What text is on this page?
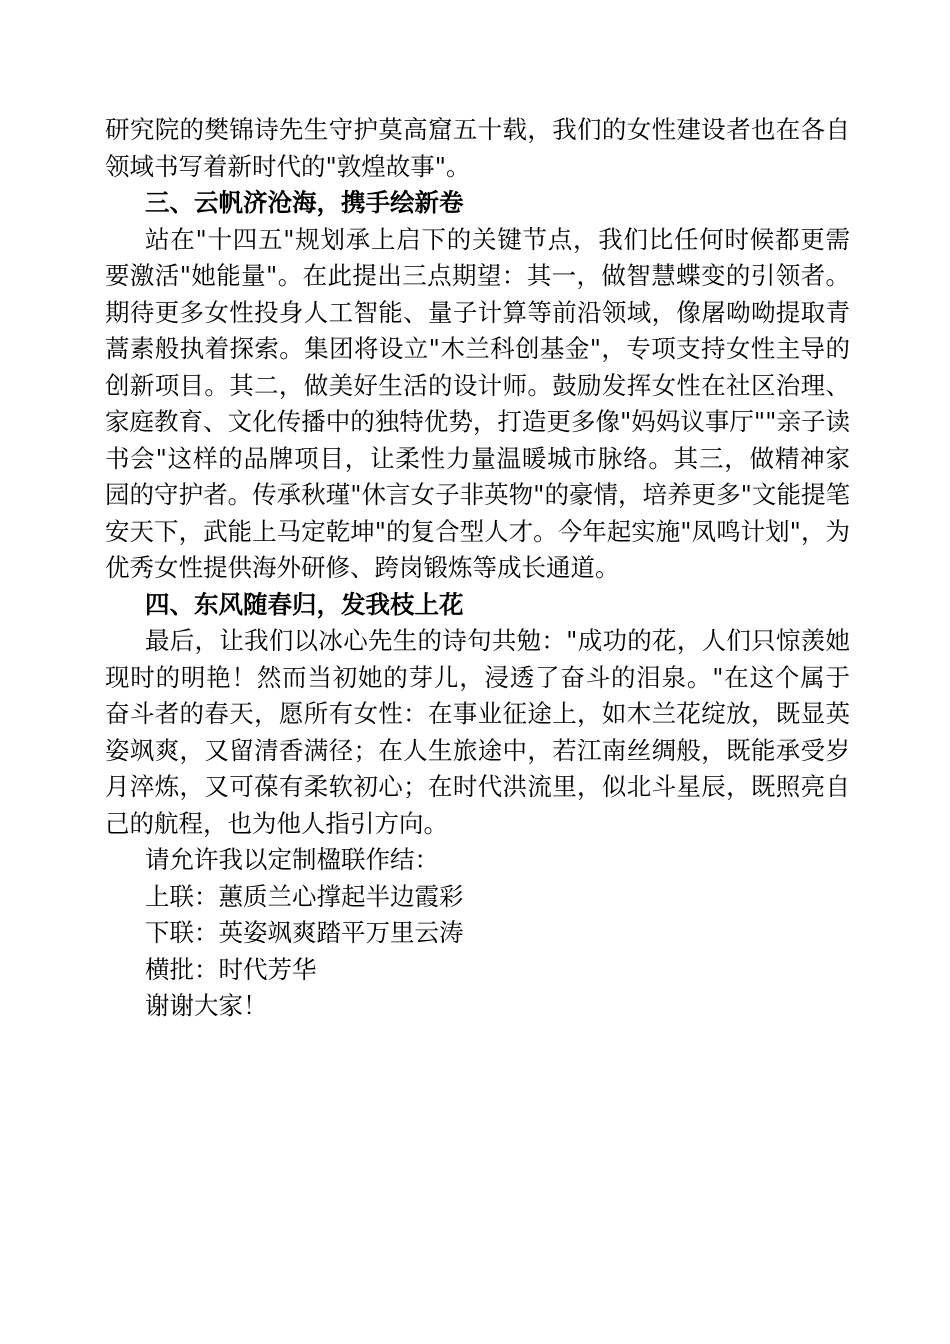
研究院的樊锦诗先生守护莫高窟五十载，我们的女性建设者也在各自领域书写着新时代的"敦煌故事"。

三、云帆济沧海，携手绘新卷

站在"十四五"规划承上启下的关键节点，我们比任何时候都更需要激活"她能量"。在此提出三点期望：其一，做智慧蝶变的引领者。期待更多女性投身人工智能、量子计算等前沿领域，像屠呦呦提取青蒿素般执着探索。集团将设立"木兰科创基金"，专项支持女性主导的创新项目。其二，做美好生活的设计师。鼓励发挥女性在社区治理、家庭教育、文化传播中的独特优势，打造更多像"妈妈议事厅""亲子读书会"这样的品牌项目，让柔性力量温暖城市脉络。其三，做精神家园的守护者。传承秋瑾"休言女子非英物"的豪情，培养更多"文能提笔安天下，武能上马定乾坤"的复合型人才。今年起实施"凤鸣计划"，为优秀女性提供海外研修、跨岗锻炼等成长通道。

四、东风随春归，发我枝上花

最后，让我们以冰心先生的诗句共勉："成功的花，人们只惊羡她现时的明艳！然而当初她的芽儿，浸透了奋斗的泪泉。"在这个属于奋斗者的春天，愿所有女性：在事业征途上，如木兰花绽放，既显英姿飒爽，又留清香满径；在人生旅途中，若江南丝绸般，既能承受岁月淬炼，又可葆有柔软初心；在时代洪流里，似北斗星辰，既照亮自己的航程，也为他人指引方向。

请允许我以定制楹联作结：

上联：蕙质兰心撑起半边霞彩

下联：英姿飒爽踏平万里云涛

横批：时代芳华

谢谢大家！
